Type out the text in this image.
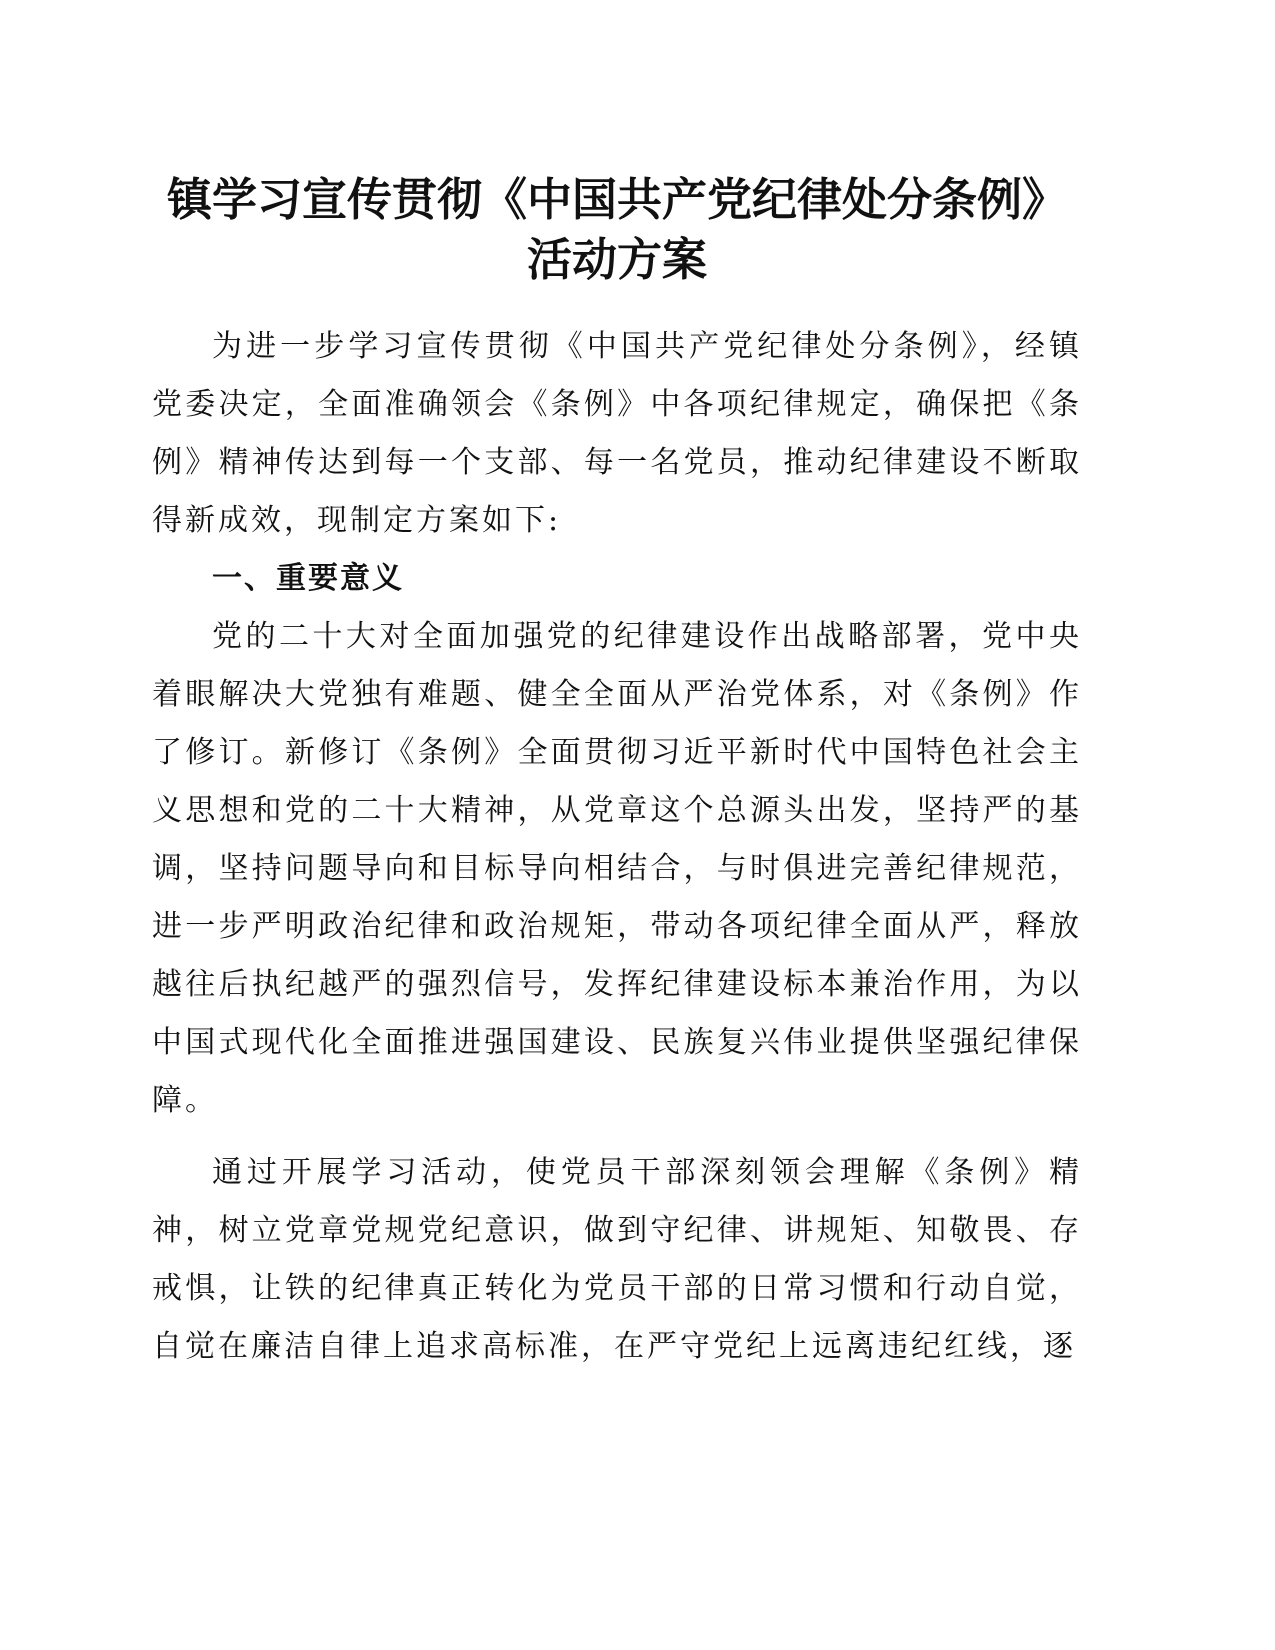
镇学习宣传贯彻《中国共产党纪律处分条例》
活动方案

为进一步学习宣传贯彻《中国共产党纪律处分条例》，经镇党委决定，全面准确领会《条例》中各项纪律规定，确保把《条例》精神传达到每一个支部、每一名党员，推动纪律建设不断取得新成效，现制定方案如下:

一、重要意义

党的二十大对全面加强党的纪律建设作出战略部署，党中央着眼解决大党独有难题、健全全面从严治党体系，对《条例》作了修订。新修订《条例》全面贯彻习近平新时代中国特色社会主义思想和党的二十大精神，从党章这个总源头出发，坚持严的基调，坚持问题导向和目标导向相结合，与时俱进完善纪律规范，进一步严明政治纪律和政治规矩，带动各项纪律全面从严，释放越往后执纪越严的强烈信号，发挥纪律建设标本兼治作用，为以中国式现代化全面推进强国建设、民族复兴伟业提供坚强纪律保障。

通过开展学习活动，使党员干部深刻领会理解《条例》精神，树立党章党规党纪意识，做到守纪律、讲规矩、知敬畏、存戒惧，让铁的纪律真正转化为党员干部的日常习惯和行动自觉，自觉在廉洁自律上追求高标准，在严守党纪上远离违纪红线，逐
